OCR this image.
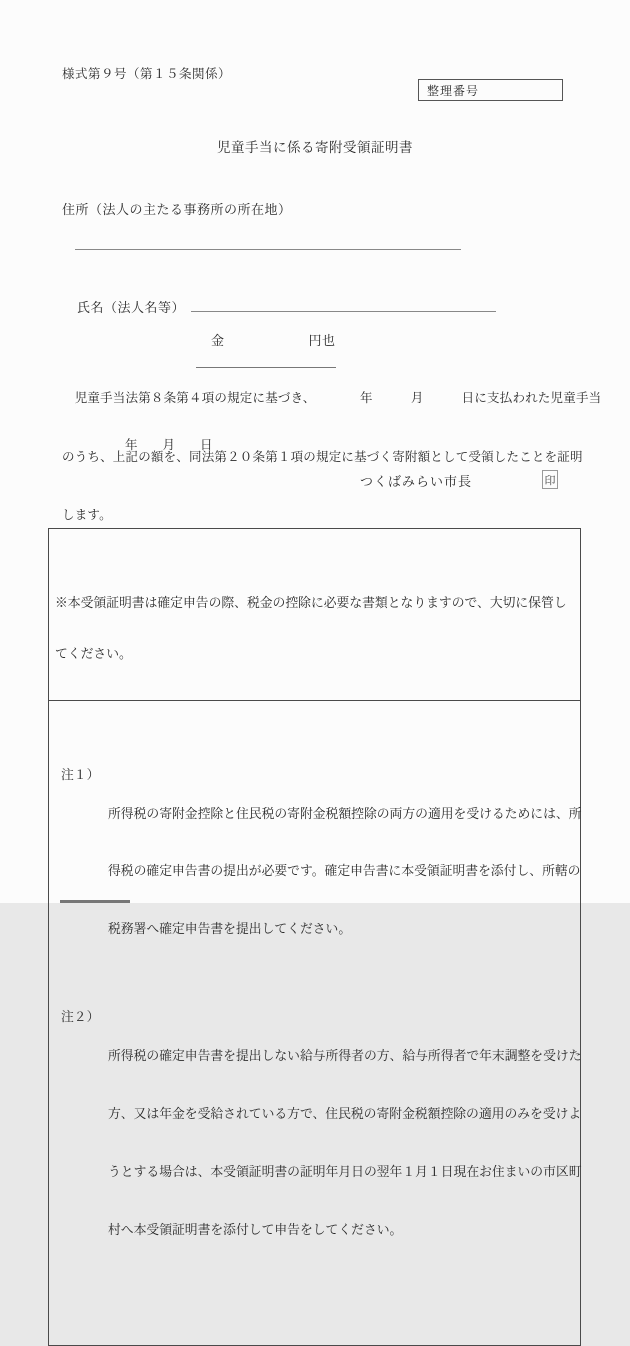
様式第９号（第１５条関係）
整理番号
児童手当に係る寄附受領証明書
住所（法人の主たる事務所の所在地）

氏名（法人名等）

金	円也

　児童手当法第８条第４項の規定に基づき、　　　　年　　　月　　　日に支払われた児童手当

のうち、上記の額を、同法第２０条第１項の規定に基づく寄附額として受領したことを証明

します。

年　　月　　日
つくばみらい市長	印

※本受領証明書は確定申告の際、税金の控除に必要な書類となりますので、大切に保管し

てください。

注１）

所得税の寄附金控除と住民税の寄附金税額控除の両方の適用を受けるためには、所

得税の確定申告書の提出が必要です。確定申告書に本受領証明書を添付し、所轄の

税務署へ確定申告書を提出してください。

注２）

所得税の確定申告書を提出しない給与所得者の方、給与所得者で年末調整を受けた

方、又は年金を受給されている方で、住民税の寄附金税額控除の適用のみを受けよ

うとする場合は、本受領証明書の証明年月日の翌年１月１日現在お住まいの市区町

村へ本受領証明書を添付して申告をしてください。
